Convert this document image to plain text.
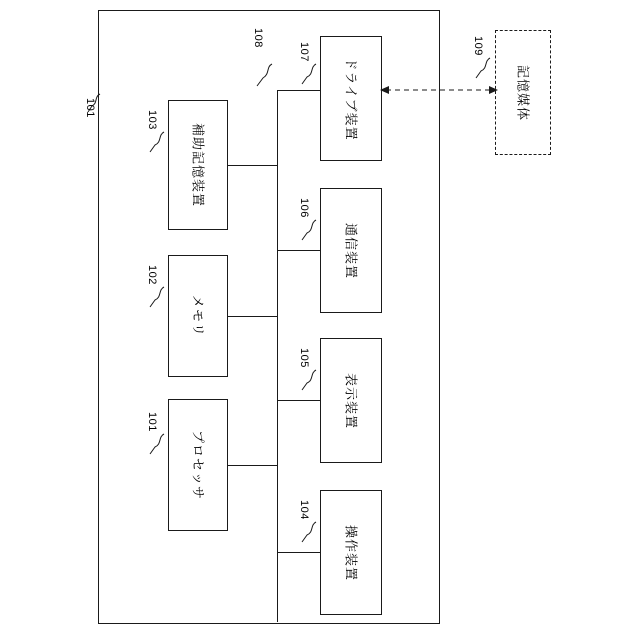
101
プロセッサ
101
メモリ
102
補助記憶装置
103
操作装置
104
表示装置
105
通信装置
106
ドライブ装置
107
108
記憶媒体
109
